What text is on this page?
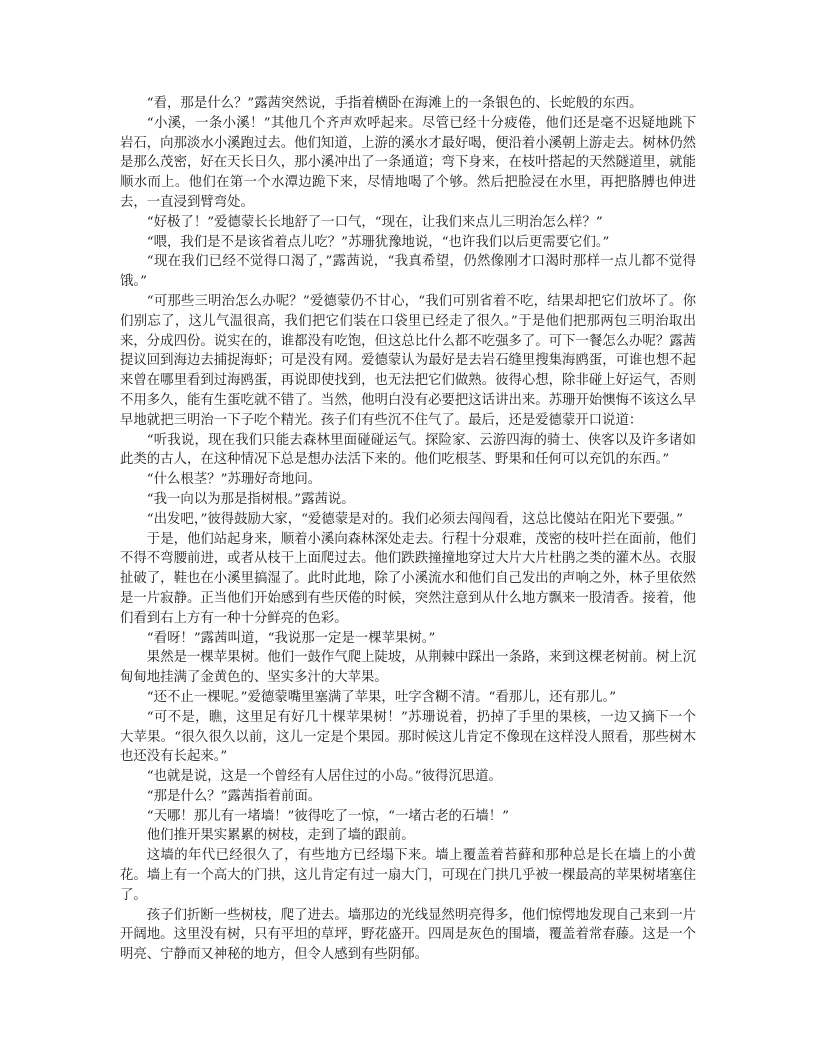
“看，那是什么？”露茜突然说，手指着横卧在海滩上的一条银色的、长蛇般的东西。

“小溪，一条小溪！”其他几个齐声欢呼起来。尽管已经十分疲倦，他们还是毫不迟疑地跳下岩石，向那淡水小溪跑过去。他们知道，上游的溪水才最好喝，便沿着小溪朝上游走去。树林仍然是那么茂密，好在天长日久，那小溪冲出了一条通道；弯下身来，在枝叶搭起的天然隧道里，就能顺水而上。他们在第一个水潭边跪下来，尽情地喝了个够。然后把脸浸在水里，再把胳膊也伸进去，一直浸到臂弯处。

“好极了！”爱德蒙长长地舒了一口气，“现在，让我们来点儿三明治怎么样？”

“喂，我们是不是该省着点儿吃？”苏珊犹豫地说，“也许我们以后更需要它们。”

“现在我们已经不觉得口渴了，”露茜说，“我真希望，仍然像刚才口渴时那样一点儿都不觉得饿。”

“可那些三明治怎么办呢？”爱德蒙仍不甘心，“我们可别省着不吃，结果却把它们放坏了。你们别忘了，这儿气温很高，我们把它们装在口袋里已经走了很久。”于是他们把那两包三明治取出来，分成四份。说实在的，谁都没有吃饱，但这总比什么都不吃强多了。可下一餐怎么办呢？露茜提议回到海边去捕捉海虾；可是没有网。爱德蒙认为最好是去岩石缝里搜集海鸥蛋，可谁也想不起来曾在哪里看到过海鸥蛋，再说即使找到，也无法把它们做熟。彼得心想，除非碰上好运气，否则不用多久，能有生蛋吃就不错了。当然，他明白没有必要把这话讲出来。苏珊开始懊悔不该这么早早地就把三明治一下子吃个精光。孩子们有些沉不住气了。最后，还是爱德蒙开口说道：

“听我说，现在我们只能去森林里面碰碰运气。探险家、云游四海的骑士、侠客以及许多诸如此类的古人，在这种情况下总是想办法活下来的。他们吃根茎、野果和任何可以充饥的东西。”

“什么根茎？”苏珊好奇地问。

“我一向以为那是指树根。”露茜说。

“出发吧，”彼得鼓励大家，“爱德蒙是对的。我们必须去闯闯看，这总比傻站在阳光下要强。”

于是，他们站起身来，顺着小溪向森林深处走去。行程十分艰难，茂密的枝叶拦在面前，他们不得不弯腰前进，或者从枝干上面爬过去。他们跌跌撞撞地穿过大片大片杜鹃之类的灌木丛。衣服扯破了，鞋也在小溪里搞湿了。此时此地，除了小溪流水和他们自己发出的声响之外，林子里依然是一片寂静。正当他们开始感到有些厌倦的时候，突然注意到从什么地方飘来一股清香。接着，他们看到右上方有一种十分鲜亮的色彩。

“看呀！”露茜叫道，“我说那一定是一棵苹果树。”

果然是一棵苹果树。他们一鼓作气爬上陡坡，从荆棘中踩出一条路，来到这棵老树前。树上沉甸甸地挂满了金黄色的、坚实多汁的大苹果。

“还不止一棵呢。”爱德蒙嘴里塞满了苹果，吐字含糊不清。“看那儿，还有那儿。”

“可不是，瞧，这里足有好几十棵苹果树！”苏珊说着，扔掉了手里的果核，一边又摘下一个大苹果。“很久很久以前，这儿一定是个果园。那时候这儿肯定不像现在这样没人照看，那些树木也还没有长起来。”

“也就是说，这是一个曾经有人居住过的小岛。”彼得沉思道。

“那是什么？”露茜指着前面。

“天哪！那儿有一堵墙！”彼得吃了一惊，“一堵古老的石墙！”

他们推开果实累累的树枝，走到了墙的跟前。

这墙的年代已经很久了，有些地方已经塌下来。墙上覆盖着苔藓和那种总是长在墙上的小黄花。墙上有一个高大的门拱，这儿肯定有过一扇大门，可现在门拱几乎被一棵最高的苹果树堵塞住了。

孩子们折断一些树枝，爬了进去。墙那边的光线显然明亮得多，他们惊愕地发现自己来到一片开阔地。这里没有树，只有平坦的草坪，野花盛开。四周是灰色的围墙，覆盖着常春藤。这是一个明亮、宁静而又神秘的地方，但令人感到有些阴郁。
